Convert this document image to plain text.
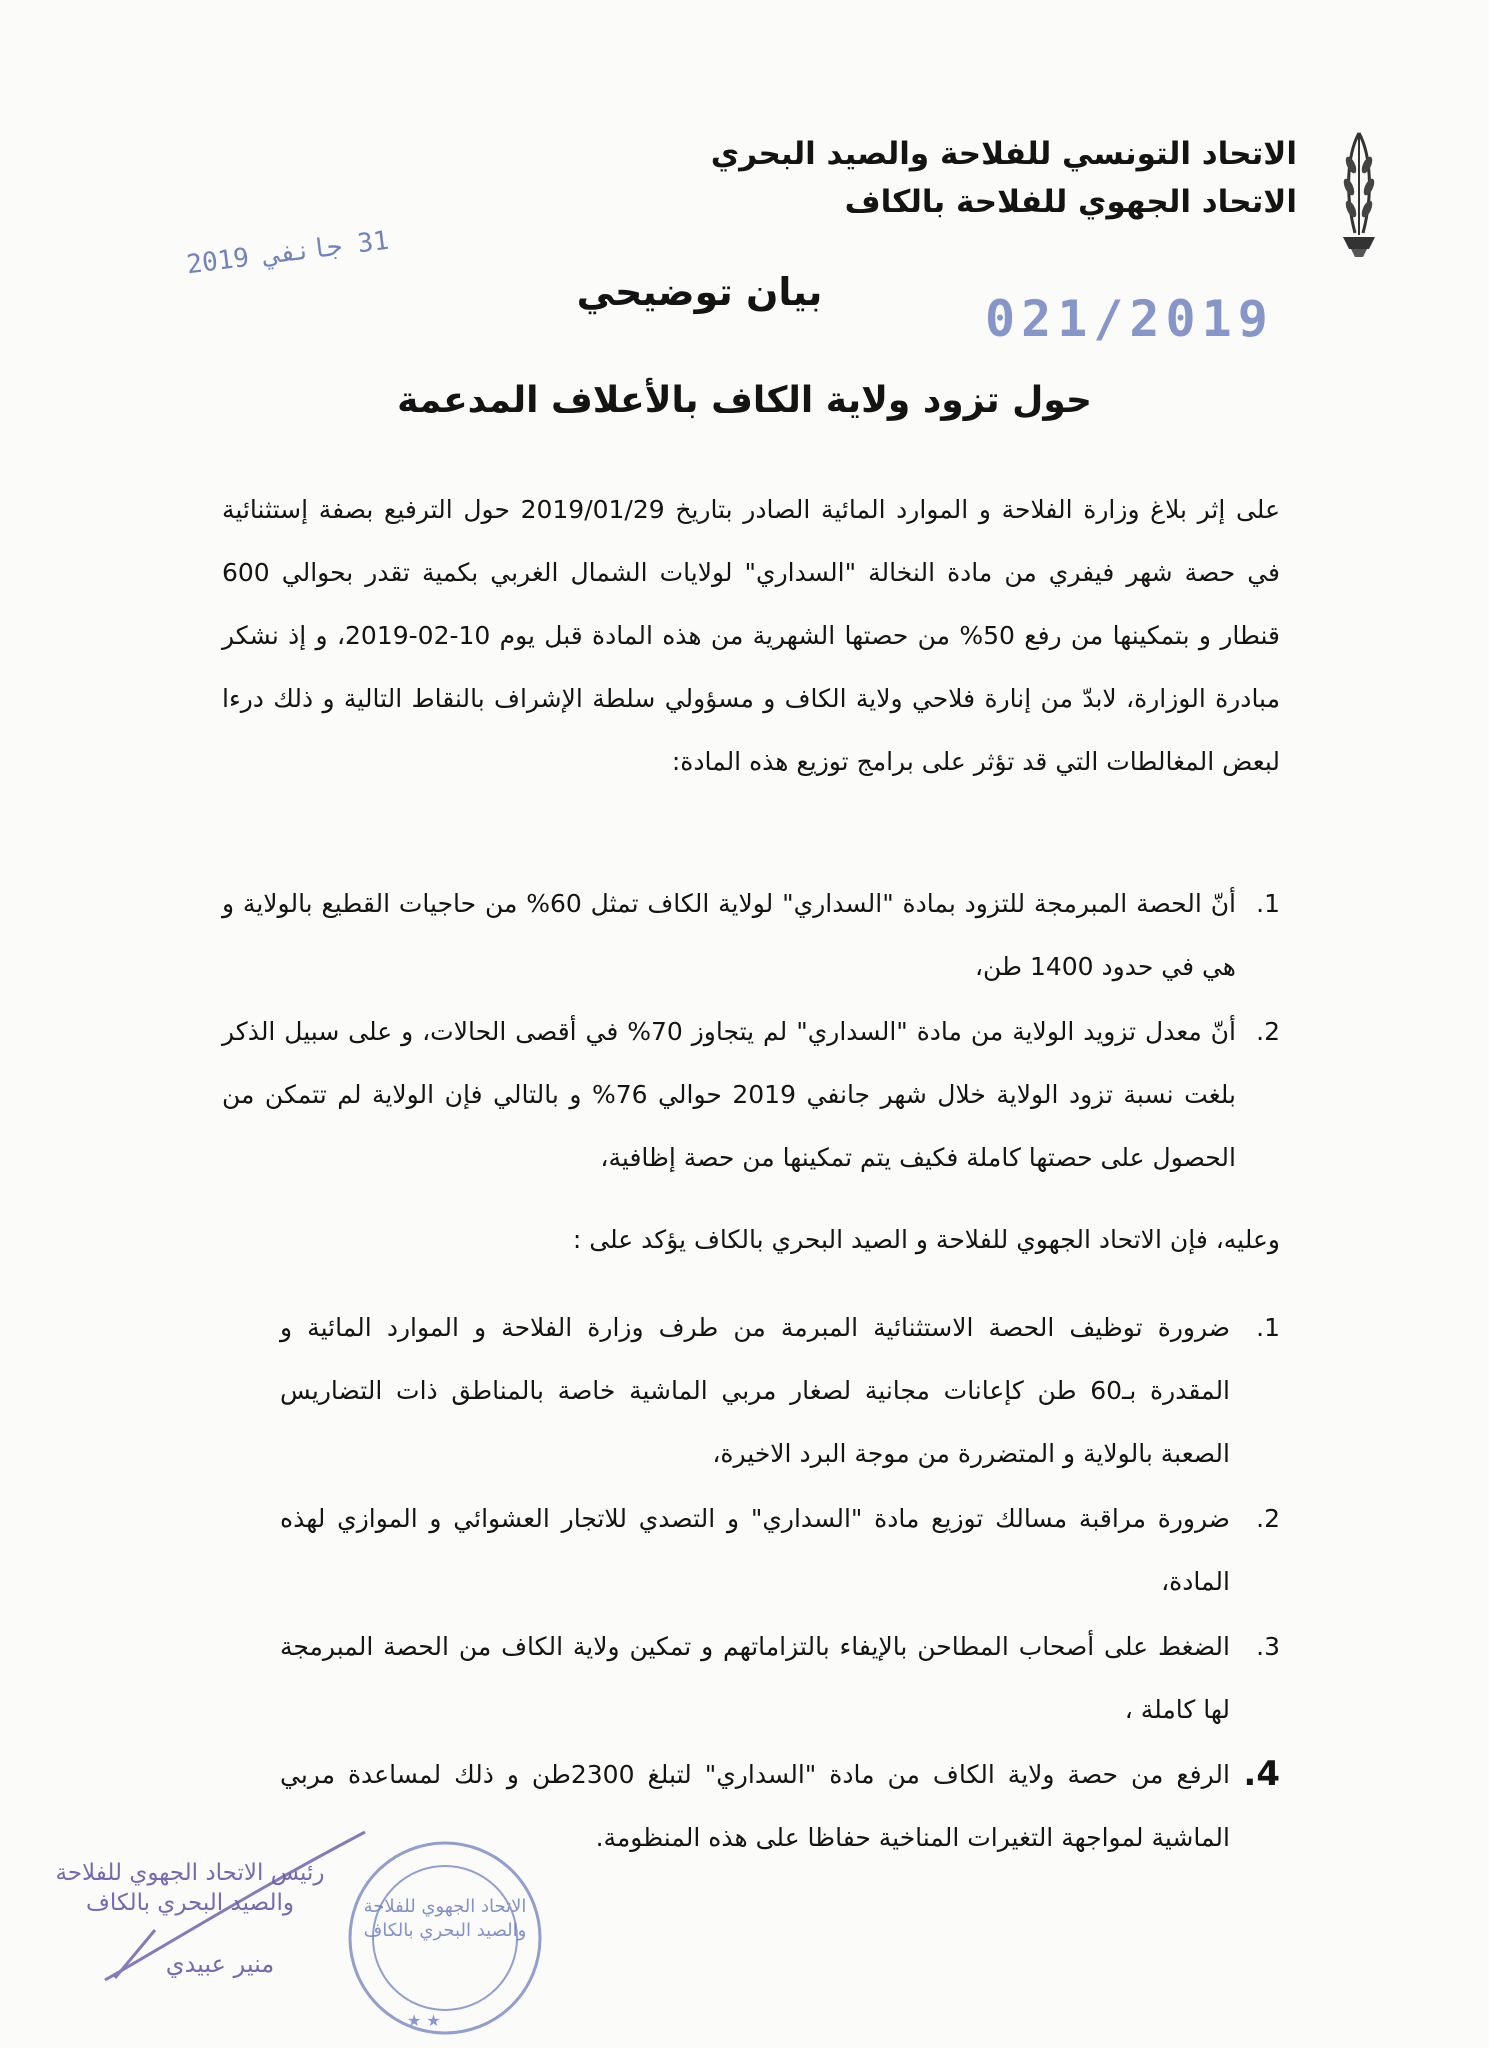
الاتحاد التونسي للفلاحة والصيد البحري
الاتحاد الجهوي للفلاحة بالكاف
31 جانفي 2019
021/2019
بيان توضيحي
حول تزود ولاية الكاف بالأعلاف المدعمة
على إثر بلاغ وزارة الفلاحة و الموارد المائية الصادر بتاريخ 2019/01/29 حول الترفيع بصفة إستثنائية في حصة شهر فيفري من مادة النخالة "السداري" لولايات الشمال الغربي بكمية تقدر بحوالي 600 قنطار و بتمكينها من رفع 50% من حصتها الشهرية من هذه المادة قبل يوم 10-02-2019، و إذ نشكر مبادرة الوزارة، لابدّ من إنارة فلاحي ولاية الكاف و مسؤولي سلطة الإشراف بالنقاط التالية و ذلك درءا لبعض المغالطات التي قد تؤثر على برامج توزيع هذه المادة:
1.
أنّ الحصة المبرمجة للتزود بمادة "السداري" لولاية الكاف تمثل 60% من حاجيات القطيع بالولاية و هي في حدود 1400 طن،
2.
أنّ معدل تزويد الولاية من مادة "السداري" لم يتجاوز 70% في أقصى الحالات، و على سبيل الذكر بلغت نسبة تزود الولاية خلال شهر جانفي 2019 حوالي 76% و بالتالي فإن الولاية لم تتمكن من الحصول على حصتها كاملة فكيف يتم تمكينها من حصة إظافية،
وعليه، فإن الاتحاد الجهوي للفلاحة و الصيد البحري بالكاف يؤكد على :
1.
ضرورة توظيف الحصة الاستثنائية المبرمة من طرف وزارة الفلاحة و الموارد المائية و المقدرة بـ60 طن كإعانات مجانية لصغار مربي الماشية خاصة بالمناطق ذات التضاريس الصعبة بالولاية و المتضررة من موجة البرد الاخيرة،
2.
ضرورة مراقبة مسالك توزيع مادة "السداري" و التصدي للاتجار العشوائي و الموازي لهذه المادة،
3.
الضغط على أصحاب المطاحن بالإيفاء بالتزاماتهم و تمكين ولاية الكاف من الحصة المبرمجة لها كاملة ،
4.
الرفع من حصة ولاية الكاف من مادة "السداري" لتبلغ 2300طن و ذلك لمساعدة مربي الماشية لمواجهة التغيرات المناخية حفاظا على هذه المنظومة.
رئيس الاتحاد الجهوي للفلاحة والصيد البحري بالكاف
منير عبيدي
★ ★
الاتحاد الجهوي للفلاحة والصيد البحري بالكاف
